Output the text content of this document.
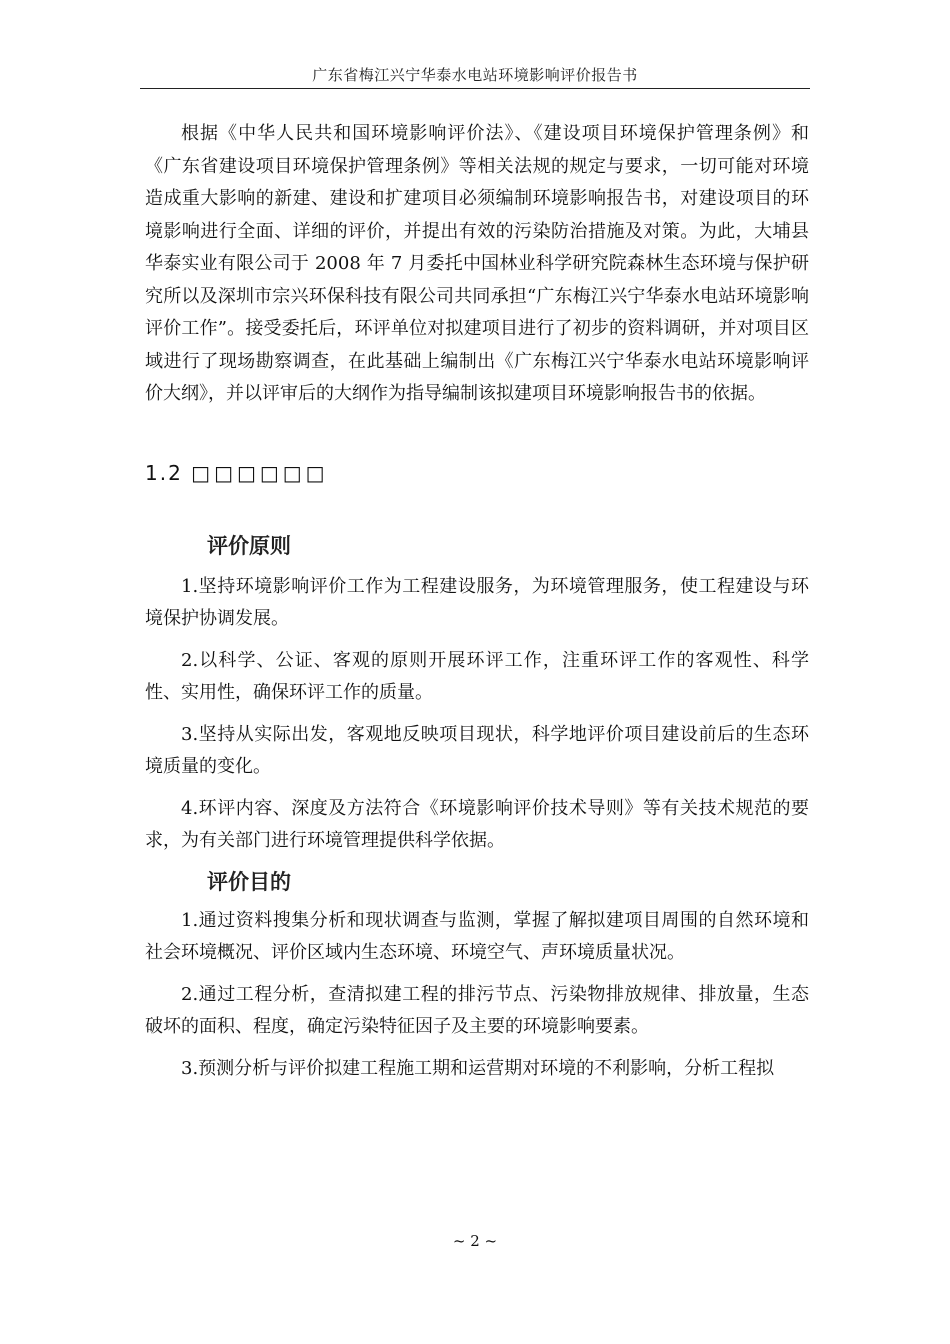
广东省梅江兴宁华泰水电站环境影响评价报告书

根据《中华人民共和国环境影响评价法》、《建设项目环境保护管理条例》和《广东省建设项目环境保护管理条例》等相关法规的规定与要求，一切可能对环境造成重大影响的新建、建设和扩建项目必须编制环境影响报告书，对建设项目的环境影响进行全面、详细的评价，并提出有效的污染防治措施及对策。为此，大埔县华泰实业有限公司于 2008 年 7 月委托中国林业科学研究院森林生态环境与保护研究所以及深圳市宗兴环保科技有限公司共同承担“广东梅江兴宁华泰水电站环境影响评价工作”。接受委托后，环评单位对拟建项目进行了初步的资料调研，并对项目区域进行了现场勘察调查，在此基础上编制出《广东梅江兴宁华泰水电站环境影响评价大纲》，并以评审后的大纲作为指导编制该拟建项目环境影响报告书的依据。

1.2 □□□□□□
评价原则

1.坚持环境影响评价工作为工程建设服务，为环境管理服务，使工程建设与环境保护协调发展。

2.以科学、公证、客观的原则开展环评工作，注重环评工作的客观性、科学性、实用性，确保环评工作的质量。

3.坚持从实际出发，客观地反映项目现状，科学地评价项目建设前后的生态环境质量的变化。

4.环评内容、深度及方法符合《环境影响评价技术导则》等有关技术规范的要求，为有关部门进行环境管理提供科学依据。

评价目的

1.通过资料搜集分析和现状调查与监测，掌握了解拟建项目周围的自然环境和社会环境概况、评价区域内生态环境、环境空气、声环境质量状况。

2.通过工程分析，查清拟建工程的排污节点、污染物排放规律、排放量，生态破坏的面积、程度，确定污染特征因子及主要的环境影响要素。

3.预测分析与评价拟建工程施工期和运营期对环境的不利影响，分析工程拟

~ 2 ~
